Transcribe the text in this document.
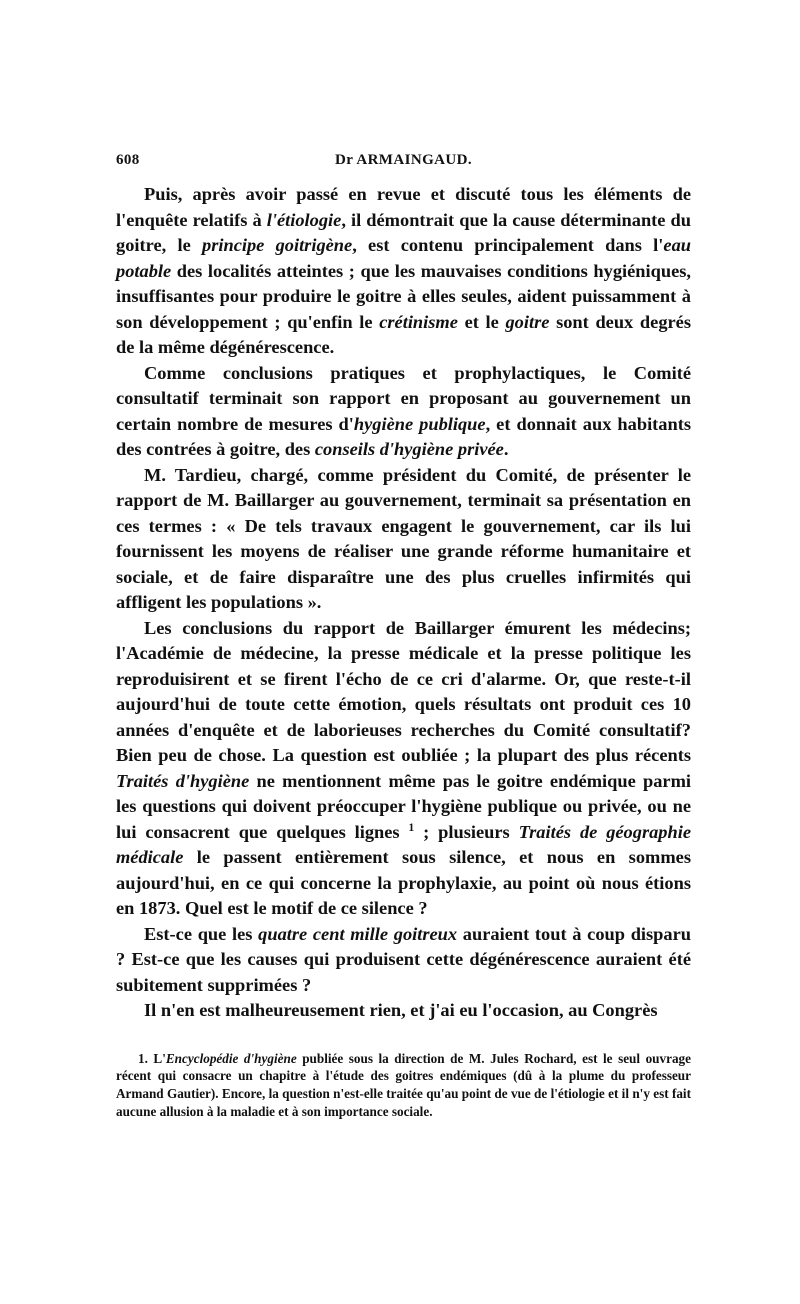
608	Dr ARMAINGAUD.

Puis, après avoir passé en revue et discuté tous les éléments de l'enquête relatifs à l'étiologie, il démontrait que la cause déterminante du goitre, le principe goitrigène, est contenu principalement dans l'eau potable des localités atteintes ; que les mauvaises conditions hygiéniques, insuffisantes pour produire le goitre à elles seules, aident puissamment à son développement ; qu'enfin le crétinisme et le goitre sont deux degrés de la même dégénérescence.

Comme conclusions pratiques et prophylactiques, le Comité consultatif terminait son rapport en proposant au gouvernement un certain nombre de mesures d'hygiène publique, et donnait aux habitants des contrées à goitre, des conseils d'hygiène privée.

M. Tardieu, chargé, comme président du Comité, de présenter le rapport de M. Baillarger au gouvernement, terminait sa présentation en ces termes : « De tels travaux engagent le gouvernement, car ils lui fournissent les moyens de réaliser une grande réforme humanitaire et sociale, et de faire disparaître une des plus cruelles infirmités qui affligent les populations ».

Les conclusions du rapport de Baillarger émurent les médecins; l'Académie de médecine, la presse médicale et la presse politique les reproduisirent et se firent l'écho de ce cri d'alarme. Or, que reste-t-il aujourd'hui de toute cette émotion, quels résultats ont produit ces 10 années d'enquête et de laborieuses recherches du Comité consultatif? Bien peu de chose. La question est oubliée ; la plupart des plus récents Traités d'hygiène ne mentionnent même pas le goitre endémique parmi les questions qui doivent préoccuper l'hygiène publique ou privée, ou ne lui consacrent que quelques lignes $^1$ ; plusieurs Traités de géographie médicale le passent entièrement sous silence, et nous en sommes aujourd'hui, en ce qui concerne la prophylaxie, au point où nous étions en 1873. Quel est le motif de ce silence ?

Est-ce que les quatre cent mille goitreux auraient tout à coup disparu ? Est-ce que les causes qui produisent cette dégénérescence auraient été subitement supprimées ?

Il n'en est malheureusement rien, et j'ai eu l'occasion, au Congrès

1. L'Encyclopédie d'hygiène publiée sous la direction de M. Jules Rochard, est le seul ouvrage récent qui consacre un chapitre à l'étude des goitres endémiques (dû à la plume du professeur Armand Gautier). Encore, la question n'est-elle traitée qu'au point de vue de l'étiologie et il n'y est fait aucune allusion à la maladie et à son importance sociale.
